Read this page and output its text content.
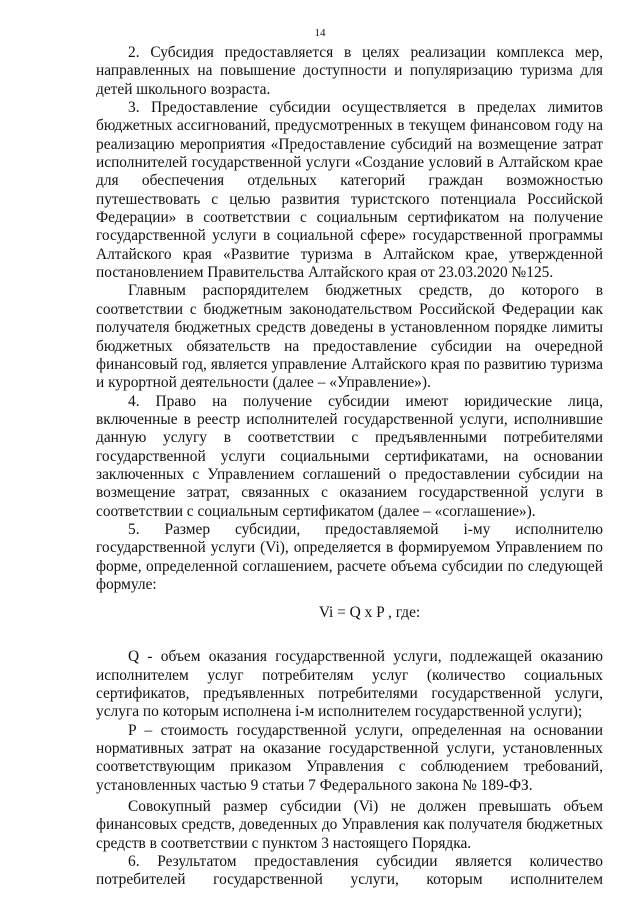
14

2. Субсидия предоставляется в целях реализации комплекса мер, направленных на повышение доступности и популяризацию туризма для детей школьного возраста.

3. Предоставление субсидии осуществляется в пределах лимитов бюджетных ассигнований, предусмотренных в текущем финансовом году на реализацию мероприятия «Предоставление субсидий на возмещение затрат исполнителей государственной услуги «Создание условий в Алтайском крае для обеспечения отдельных категорий граждан возможностью путешествовать с целью развития туристского потенциала Российской Федерации» в соответствии с социальным сертификатом на получение государственной услуги в социальной сфере» государственной программы Алтайского края «Развитие туризма в Алтайском крае, утвержденной постановлением Правительства Алтайского края от 23.03.2020 №125.

Главным распорядителем бюджетных средств, до которого в соответствии с бюджетным законодательством Российской Федерации как получателя бюджетных средств доведены в установленном порядке лимиты бюджетных обязательств на предоставление субсидии на очередной финансовый год, является управление Алтайского края по развитию туризма и курортной деятельности (далее – «Управление»).

4. Право на получение субсидии имеют юридические лица, включенные в реестр исполнителей государственной услуги, исполнившие данную услугу в соответствии с предъявленными потребителями государственной услуги социальными сертификатами, на основании заключенных с Управлением соглашений о предоставлении субсидии на возмещение затрат, связанных с оказанием государственной услуги в соответствии с социальным сертификатом (далее – «соглашение»).

5. Размер субсидии, предоставляемой i-му исполнителю государственной услуги (Vi), определяется в формируемом Управлением по форме, определенной соглашением, расчете объема субсидии по следующей формуле:

Vi = Q x P , где:

Q - объем оказания государственной услуги, подлежащей оказанию исполнителем услуг потребителям услуг (количество социальных сертификатов, предъявленных потребителями государственной услуги, услуга по которым исполнена i-м исполнителем государственной услуги);

P – стоимость государственной услуги, определенная на основании нормативных затрат на оказание государственной услуги, установленных соответствующим приказом Управления с соблюдением требований, установленных частью 9 статьи 7 Федерального закона № 189-ФЗ.

Совокупный размер субсидии (Vi) не должен превышать объем финансовых средств, доведенных до Управления как получателя бюджетных средств в соответствии с пунктом 3 настоящего Порядка.

6. Результатом предоставления субсидии является количество потребителей государственной услуги, которым исполнителем
